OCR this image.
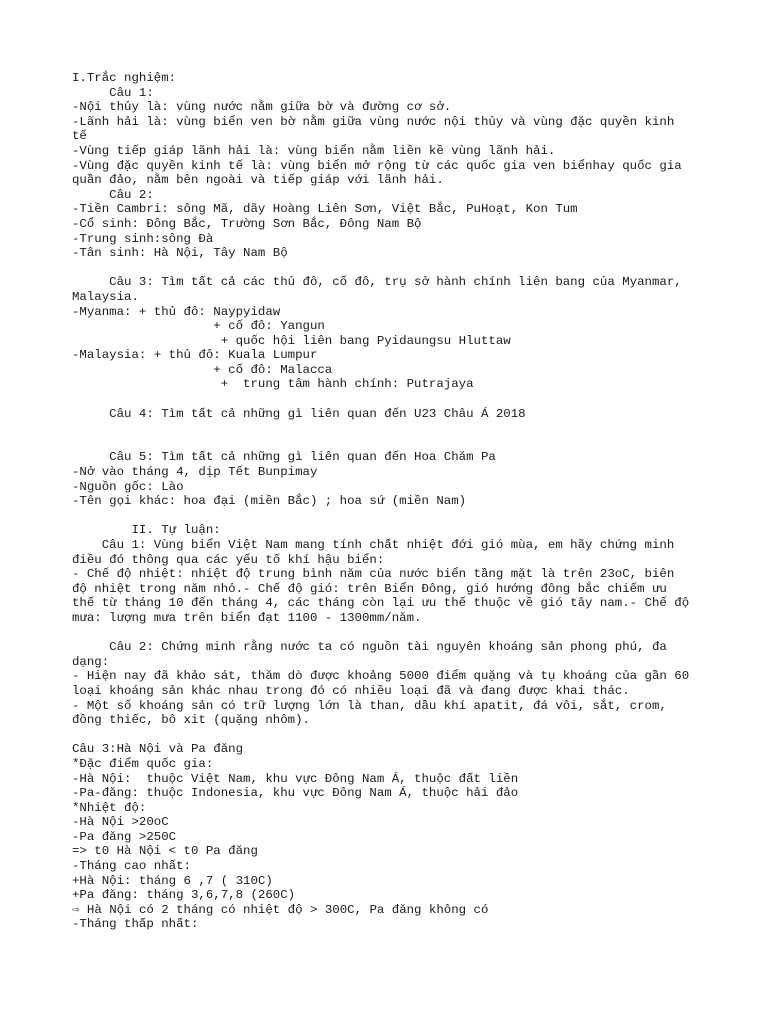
I.Trắc nghiệm:
Câu 1:
-Nội thủy là: vùng nước nằm giữa bờ và đường cơ sở.
-Lãnh hải là: vùng biển ven bờ nằm giữa vùng nước nội thủy và vùng đặc quyền kinh
tế
-Vùng tiếp giáp lãnh hải là: vùng biển nằm liền kề vùng lãnh hải.
-Vùng đặc quyền kinh tế là: vùng biển mở rộng từ các quốc gia ven biểnhay quốc gia
quần đảo, nằm bên ngoài và tiếp giáp với lãnh hải.
Câu 2:
-Tiền Cambri: sông Mã, dãy Hoàng Liên Sơn, Việt Bắc, PuHoạt, Kon Tum
-Cổ sinh: Đông Bắc, Trường Sơn Bắc, Đông Nam Bộ
-Trung sinh:sông Đà
-Tân sinh: Hà Nội, Tây Nam Bộ
Câu 3: Tìm tất cả các thủ đô, cố đô, trụ sở hành chính liên bang của Myanmar,
Malaysia.
-Myanma: + thủ đô: Naypyidaw
+ cố đô: Yangun
+ quốc hội liên bang Pyidaungsu Hluttaw
-Malaysia: + thủ đô: Kuala Lumpur
+ cố đô: Malacca
+  trung tâm hành chính: Putrajaya
Câu 4: Tìm tất cả những gì liên quan đến U23 Châu Á 2018
Câu 5: Tìm tất cả những gì liên quan đến Hoa Chăm Pa
-Nở vào tháng 4, dịp Tết Bunpimay
-Nguồn gốc: Lào
-Tên gọi khác: hoa đại (miền Bắc) ; hoa sứ (miền Nam)
II. Tự luận:
Câu 1: Vùng biển Việt Nam mang tính chất nhiệt đới gió mùa, em hãy chứng minh
điều đó thông qua các yếu tố khí hậu biển:
- Chế độ nhiệt: nhiệt độ trung bình năm của nước biển tầng mặt là trên 23oC, biên
độ nhiệt trong năm nhỏ.- Chế độ gió: trên Biển Đông, gió hướng đông bắc chiếm ưu
thế từ tháng 10 đến tháng 4, các tháng còn lại ưu thế thuộc về gió tây nam.- Chế độ
mưa: lượng mưa trên biển đạt 1100 - 1300mm/năm.
Câu 2: Chứng minh rằng nước ta có nguồn tài nguyên khoáng sản phong phú, đa
dạng:
- Hiện nay đã khảo sát, thăm dò được khoảng 5000 điểm quặng và tụ khoáng của gần 60
loại khoáng sản khác nhau trong đó có nhiều loại đã và đang được khai thác.
- Một số khoáng sản có trữ lượng lớn là than, dầu khí apatit, đá vôi, sắt, crom,
đồng thiếc, bô xit (quặng nhôm).
Câu 3:Hà Nội và Pa đăng
*Đặc điểm quốc gia:
-Hà Nội:  thuộc Việt Nam, khu vực Đông Nam Á, thuộc đất liền
-Pa-đăng: thuộc Indonesia, khu vực Đông Nam Á, thuộc hải đảo
*Nhiệt độ:
-Hà Nội >20oC
-Pa đăng >250C
=> t0 Hà Nội < t0 Pa đăng
-Tháng cao nhất:
+Hà Nội: tháng 6 ,7 ( 310C)
+Pa đăng: tháng 3,6,7,8 (260C)
⇨ Hà Nội có 2 tháng có nhiệt độ > 300C, Pa đăng không có
-Tháng thấp nhất:
